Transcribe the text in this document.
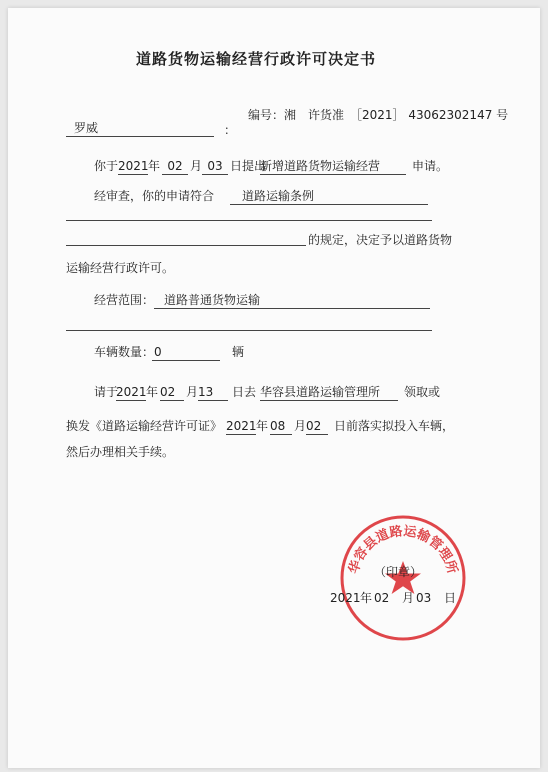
道路货物运输经营行政许可决定书
罗威	：
编号：湘　许货准　［2021］ 43062302147 号
你于 2021 年 02 月 03 日提出
新增道路货物运输经营	申请。
经审查，你的申请符合	道路运输条例
的规定，决定予以道路货物
运输经营行政许可。
经营范围： 道路普通货物运输
车辆数量： 0	辆
请于
2021 年 02 月 13	日去 华容县道路运输管理所	领取或
换发《道路运输经营许可证》 2021 年 08 月 02	日前落实拟投入车辆，
然后办理相关手续。
华容县道路运输管理所
（印章）
2021 年 02 月 03 日
